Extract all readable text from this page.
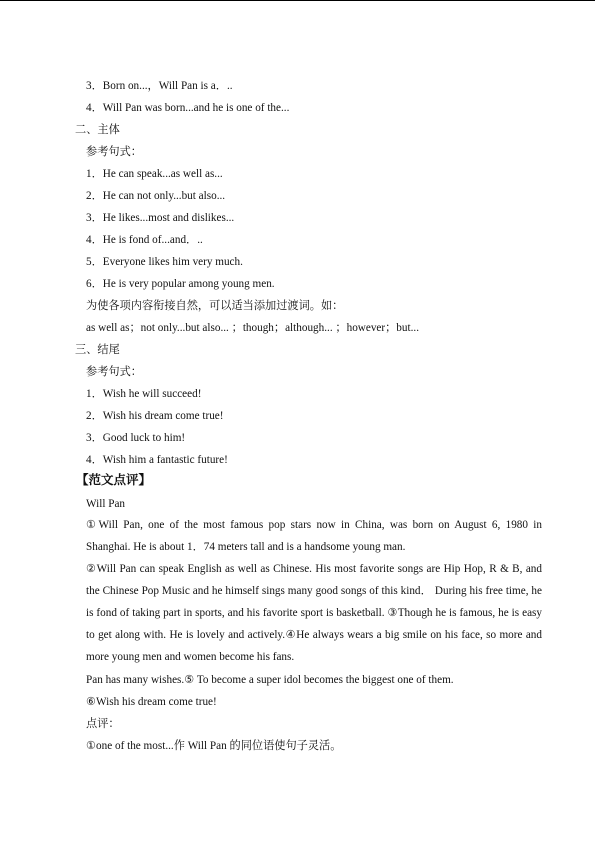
3．Born on...，Will Pan is a．..
4．Will Pan was born...and he is one of the...
二、主体
参考句式：
1．He can speak...as well as...
2．He can not only...but also...
3．He likes...most and dislikes...
4．He is fond of...and．..
5．Everyone likes him very much.
6．He is very popular among young men.
为使各项内容衔接自然，可以适当添加过渡词。如：
as well as；not only...but also... ；though；although... ；however；but...
三、结尾
参考句式：
1．Wish he will succeed!
2．Wish his dream come true!
3．Good luck to him!
4．Wish him a fantastic future!
【范文点评】
Will Pan
①Will Pan, one of the most famous pop stars now in China, was born on August 6, 1980 in
Shanghai. He is about 1．74 meters tall and is a handsome young man.
②Will Pan can speak English as well as Chinese. His most favorite songs are Hip Hop, R & B, and the Chinese Pop Music and he himself sings many good songs of this kind． During his free time, he is fond of taking part in sports, and his favorite sport is basketball. ③Though he is famous, he is easy to get along with. He is lovely and actively.④He always wears a big smile on his face, so more and more young men and women become his fans.
Pan has many wishes.⑤ To become a super idol becomes the biggest one of them.
⑥Wish his dream come true!
点评：
①one of the most...作 Will Pan 的同位语使句子灵活。
